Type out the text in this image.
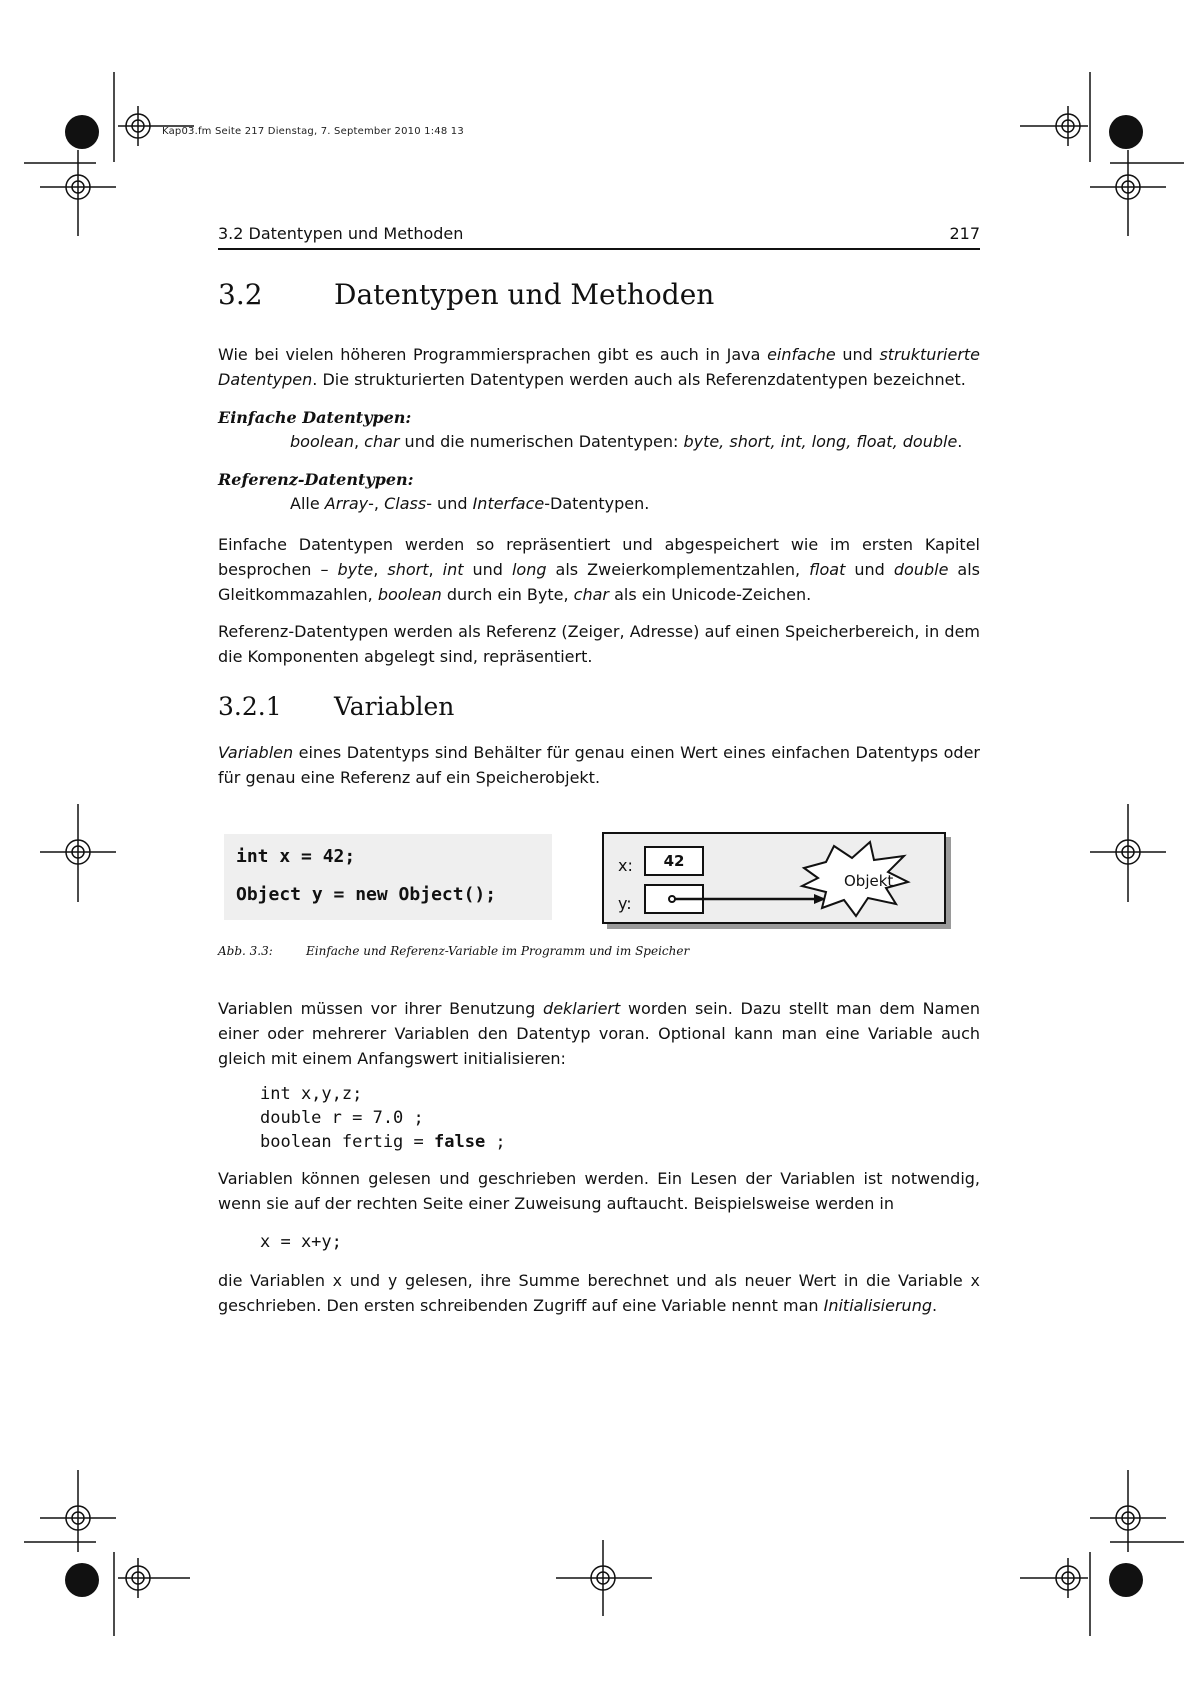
Kap03.fm Seite 217 Dienstag, 7. September 2010 1:48 13
3.2 Datentypen und Methoden	217
3.2	Datentypen und Methoden
Wie bei vielen höheren Programmiersprachen gibt es auch in Java einfache und strukturierte Datentypen. Die strukturierten Datentypen werden auch als Referenzdatentypen bezeichnet.
Einfache Datentypen:
boolean, char und die numerischen Datentypen: byte, short, int, long, float, double.
Referenz-Datentypen:
Alle Array-, Class- und Interface-Datentypen.
Einfache Datentypen werden so repräsentiert und abgespeichert wie im ersten Kapitel besprochen – byte, short, int und long als Zweierkomplementzahlen, float und double als Gleitkommazahlen, boolean durch ein Byte, char als ein Unicode-Zeichen.
Referenz-Datentypen werden als Referenz (Zeiger, Adresse) auf einen Speicherbereich, in dem die Komponenten abgelegt sind, repräsentiert.
3.2.1 Variablen
Variablen eines Datentyps sind Behälter für genau einen Wert eines einfachen Datentyps oder für genau eine Referenz auf ein Speicherobjekt.
int x = 42;
Object y = new Object();
x:	42
y:
Objekt
Abb. 3.3:	Einfache und Referenz-Variable im Programm und im Speicher
Variablen müssen vor ihrer Benutzung deklariert worden sein. Dazu stellt man dem Namen einer oder mehrerer Variablen den Datentyp voran. Optional kann man eine Variable auch gleich mit einem Anfangswert initialisieren:
int x,y,z;
double r = 7.0 ;
boolean fertig = false ;
Variablen können gelesen und geschrieben werden. Ein Lesen der Variablen ist notwendig, wenn sie auf der rechten Seite einer Zuweisung auftaucht. Beispielsweise werden in
x = x+y;
die Variablen x und y gelesen, ihre Summe berechnet und als neuer Wert in die Variable x geschrieben. Den ersten schreibenden Zugriff auf eine Variable nennt man Initialisierung.
